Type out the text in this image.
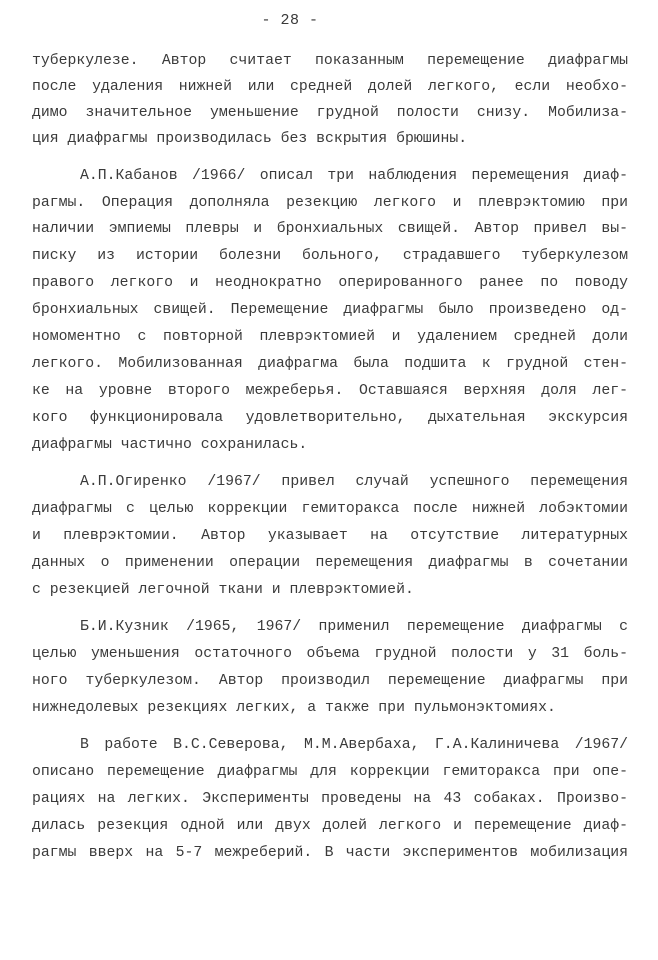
- 28 -
туберкулезе. Автор считает показанным перемещение диафрагмы
после удаления нижней или средней долей легкого, если необхо-
димо значительное уменьшение грудной полости снизу. Мобилиза-
ция диафрагмы производилась без вскрытия брюшины.
А.П.Кабанов /1966/ описал три наблюдения перемещения диаф-
рагмы. Операция дополняла резекцию легкого и плеврэктомию при
наличии эмпиемы плевры и бронхиальных свищей. Автор привел вы-
писку из истории болезни больного, страдавшего туберкулезом
правого легкого и неоднократно оперированного ранее по поводу
бронхиальных свищей. Перемещение диафрагмы было произведено од-
номоментно с повторной плеврэктомией и удалением средней доли
легкого. Мобилизованная диафрагма была подшита к грудной стен-
ке на уровне второго межреберья. Оставшаяся верхняя доля лег-
кого функционировала удовлетворительно, дыхательная экскурсия
диафрагмы частично сохранилась.
А.П.Огиренко /1967/ привел случай успешного перемещения
диафрагмы с целью коррекции гемиторакса после нижней лобэктомии
и плеврэктомии. Автор указывает на отсутствие литературных
данных о применении операции перемещения диафрагмы в сочетании
с резекцией легочной ткани и плеврэктомией.
Б.И.Кузник /1965, 1967/ применил перемещение диафрагмы с
целью уменьшения остаточного объема грудной полости у 31 боль-
ного туберкулезом. Автор производил перемещение диафрагмы при
нижнедолевых резекциях легких, а также при пульмонэктомиях.
В работе В.С.Северова, М.М.Авербаха, Г.А.Калиничева /1967/
описано перемещение диафрагмы для коррекции гемиторакса при опе-
рациях на легких. Эксперименты проведены на 43 собаках. Произво-
дилась резекция одной или двух долей легкого и перемещение диаф-
рагмы вверх на 5-7 межреберий. В части экспериментов мобилизация
